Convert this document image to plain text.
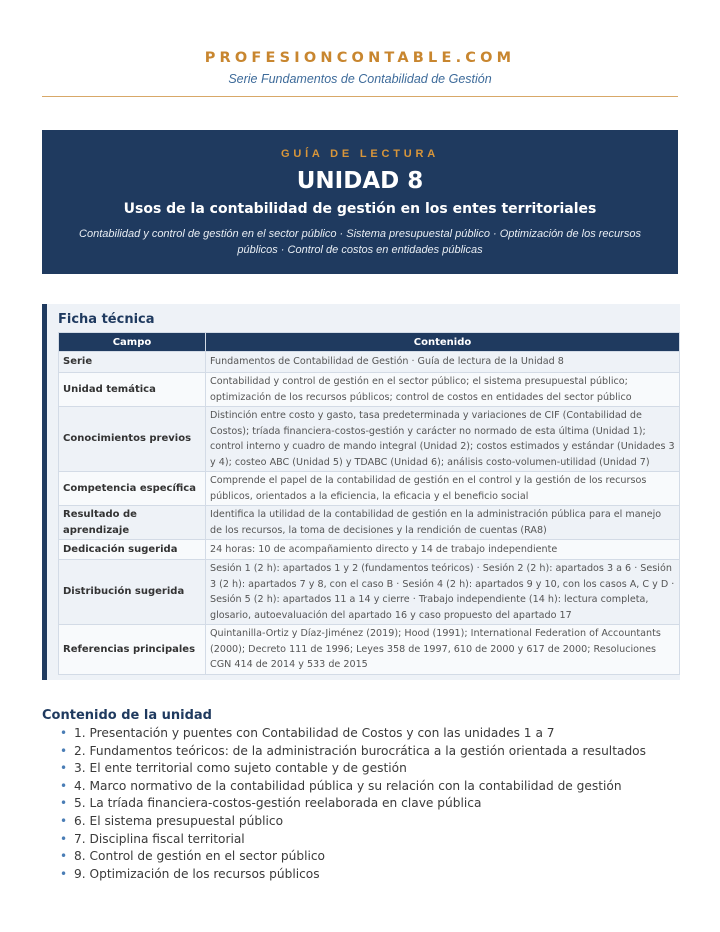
PROFESIONCONTABLE.COM
Serie Fundamentos de Contabilidad de Gestión
GUÍA DE LECTURA
UNIDAD 8
Usos de la contabilidad de gestión en los entes territoriales
Contabilidad y control de gestión en el sector público · Sistema presupuestal público · Optimización de los recursos públicos · Control de costos en entidades públicas
Ficha técnica
Campo	Contenido
Serie	Fundamentos de Contabilidad de Gestión · Guía de lectura de la Unidad 8
Unidad temática	Contabilidad y control de gestión en el sector público; el sistema presupuestal público; optimización de los recursos públicos; control de costos en entidades del sector público
Conocimientos previos	Distinción entre costo y gasto, tasa predeterminada y variaciones de CIF (Contabilidad de Costos); tríada financiera-costos-gestión y carácter no normado de esta última (Unidad 1); control interno y cuadro de mando integral (Unidad 2); costos estimados y estándar (Unidades 3 y 4); costeo ABC (Unidad 5) y TDABC (Unidad 6); análisis costo-volumen-utilidad (Unidad 7)
Competencia específica	Comprende el papel de la contabilidad de gestión en el control y la gestión de los recursos públicos, orientados a la eficiencia, la eficacia y el beneficio social
Resultado de aprendizaje	Identifica la utilidad de la contabilidad de gestión en la administración pública para el manejo de los recursos, la toma de decisiones y la rendición de cuentas (RA8)
Dedicación sugerida	24 horas: 10 de acompañamiento directo y 14 de trabajo independiente
Distribución sugerida	Sesión 1 (2 h): apartados 1 y 2 (fundamentos teóricos) · Sesión 2 (2 h): apartados 3 a 6 · Sesión 3 (2 h): apartados 7 y 8, con el caso B · Sesión 4 (2 h): apartados 9 y 10, con los casos A, C y D · Sesión 5 (2 h): apartados 11 a 14 y cierre · Trabajo independiente (14 h): lectura completa, glosario, autoevaluación del apartado 16 y caso propuesto del apartado 17
Referencias principales	Quintanilla-Ortiz y Díaz-Jiménez (2019); Hood (1991); International Federation of Accountants (2000); Decreto 111 de 1996; Leyes 358 de 1997, 610 de 2000 y 617 de 2000; Resoluciones CGN 414 de 2014 y 533 de 2015
Contenido de la unidad
• 1. Presentación y puentes con Contabilidad de Costos y con las unidades 1 a 7
• 2. Fundamentos teóricos: de la administración burocrática a la gestión orientada a resultados
• 3. El ente territorial como sujeto contable y de gestión
• 4. Marco normativo de la contabilidad pública y su relación con la contabilidad de gestión
• 5. La tríada financiera-costos-gestión reelaborada en clave pública
• 6. El sistema presupuestal público
• 7. Disciplina fiscal territorial
• 8. Control de gestión en el sector público
• 9. Optimización de los recursos públicos
